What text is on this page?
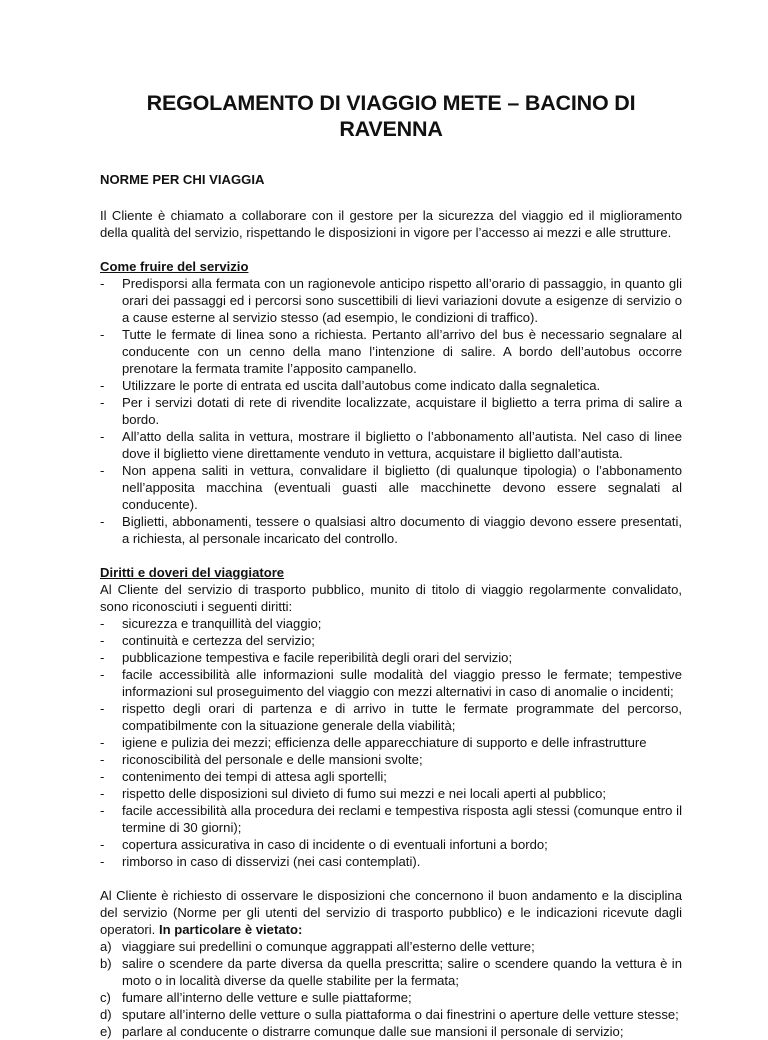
REGOLAMENTO DI VIAGGIO METE – BACINO DI RAVENNA
NORME PER CHI VIAGGIA

Il Cliente è chiamato a collaborare con il gestore per la sicurezza del viaggio ed il miglioramento della qualità del servizio, rispettando le disposizioni in vigore per l’accesso ai mezzi e alle strutture.

Come fruire del servizio
- Predisporsi alla fermata con un ragionevole anticipo rispetto all’orario di passaggio, in quanto gli orari dei passaggi ed i percorsi sono suscettibili di lievi variazioni dovute a esigenze di servizio o a cause esterne al servizio stesso (ad esempio, le condizioni di traffico).
- Tutte le fermate di linea sono a richiesta. Pertanto all’arrivo del bus è necessario segnalare al conducente con un cenno della mano l’intenzione di salire. A bordo dell’autobus occorre prenotare la fermata tramite l’apposito campanello.
- Utilizzare le porte di entrata ed uscita dall’autobus come indicato dalla segnaletica.
- Per i servizi dotati di rete di rivendite localizzate, acquistare il biglietto a terra prima di salire a bordo.
- All’atto della salita in vettura, mostrare il biglietto o l’abbonamento all’autista. Nel caso di linee dove il biglietto viene direttamente venduto in vettura, acquistare il biglietto dall’autista.
- Non appena saliti in vettura, convalidare il biglietto (di qualunque tipologia) o l’abbonamento nell’apposita macchina (eventuali guasti alle macchinette devono essere segnalati al conducente).
- Biglietti, abbonamenti, tessere o qualsiasi altro documento di viaggio devono essere presentati, a richiesta, al personale incaricato del controllo.
Diritti e doveri del viaggiatore

Al Cliente del servizio di trasporto pubblico, munito di titolo di viaggio regolarmente convalidato, sono riconosciuti i seguenti diritti:

- sicurezza e tranquillità del viaggio;
- continuità e certezza del servizio;
- pubblicazione tempestiva e facile reperibilità degli orari del servizio;
- facile accessibilità alle informazioni sulle modalità del viaggio presso le fermate; tempestive informazioni sul proseguimento del viaggio con mezzi alternativi in caso di anomalie o incidenti;
- rispetto degli orari di partenza e di arrivo in tutte le fermate programmate del percorso, compatibilmente con la situazione generale della viabilità;
- igiene e pulizia dei mezzi; efficienza delle apparecchiature di supporto e delle infrastrutture
- riconoscibilità del personale e delle mansioni svolte;
- contenimento dei tempi di attesa agli sportelli;
- rispetto delle disposizioni sul divieto di fumo sui mezzi e nei locali aperti al pubblico;
- facile accessibilità alla procedura dei reclami e tempestiva risposta agli stessi (comunque entro il termine di 30 giorni);
- copertura assicurativa in caso di incidente o di eventuali infortuni a bordo;
- rimborso in caso di disservizi (nei casi contemplati).

Al Cliente è richiesto di osservare le disposizioni che concernono il buon andamento e la disciplina del servizio (Norme per gli utenti del servizio di trasporto pubblico) e le indicazioni ricevute dagli operatori. In particolare è vietato:

a) viaggiare sui predellini o comunque aggrappati all’esterno delle vetture;
b) salire o scendere da parte diversa da quella prescritta; salire o scendere quando la vettura è in moto o in località diverse da quelle stabilite per la fermata;
c) fumare all’interno delle vetture e sulle piattaforme;
d) sputare all’interno delle vetture o sulla piattaforma o dai finestrini o aperture delle vetture stesse;
e) parlare al conducente o distrarre comunque dalle sue mansioni il personale di servizio;
